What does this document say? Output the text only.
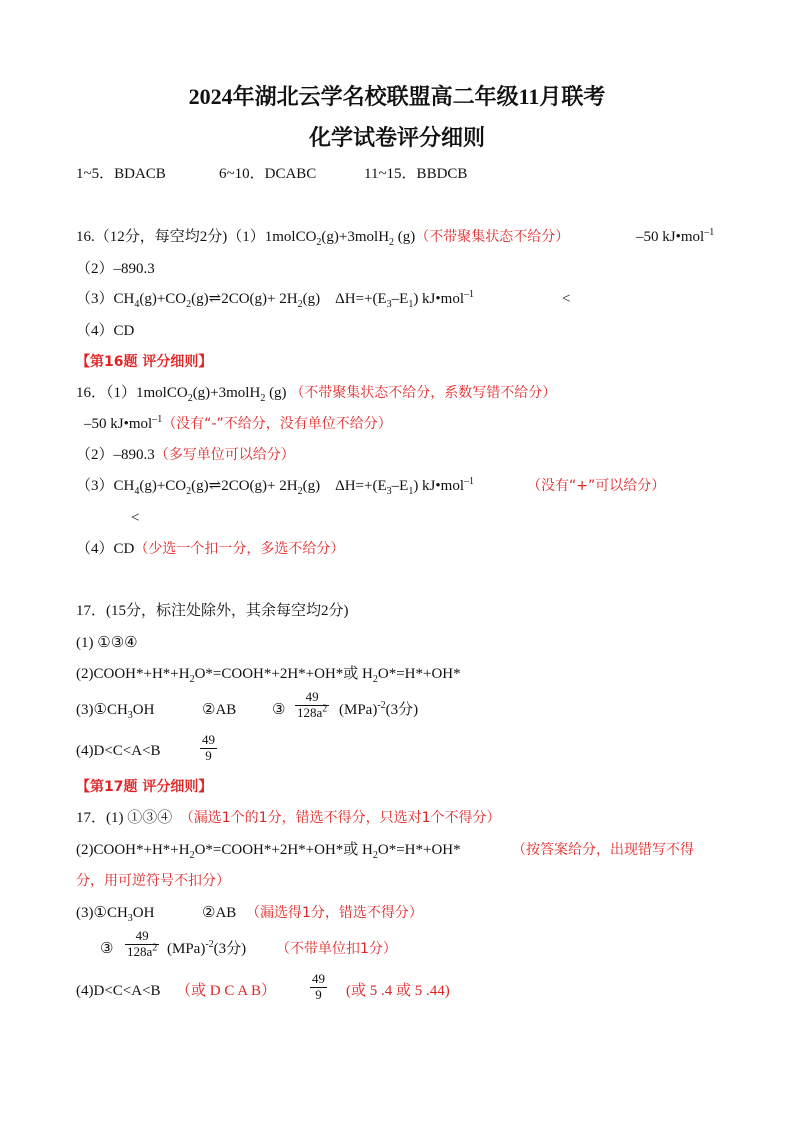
2024年湖北云学名校联盟高二年级11月联考
化学试卷评分细则
1~5．BDACB	6~10．DCABC	11~15．BBDCB
16.（12分，每空均2分)（1）1molCO$_2$(g)+3molH$_2$ (g)（不带聚集状态不给分）	–50 kJ•mol$^{-1}$
（2）–890.3
$(3)CH_4(g)+CO_2(g)\rightleftharpoons 2CO(g)+ 2H_2(g)$ $\Delta H=+(E_3-E_1)$ kJ•mol$^{-1}$	<
（4）CD
【第16题 评分细则】
16．（1）1molCO$_2$(g)+3molH$_2$ (g) （不带聚集状态不给分，系数写错不给分）
–50 kJ•mol$^{-1}$（没有“-”不给分，没有单位不给分）
（2）–890.3（多写单位可以给分）
$(3)CH_4(g)+CO_2(g)\rightleftharpoons 2CO(g)+ 2H_2(g)$ $\Delta H=+(E_3-E_1)$ kJ•mol$^{-1}$	（没有“+”可以给分）
<
（4）CD（少选一个扣一分，多选不给分）
17．(15分，标注处除外，其余每空均2分)
(1) ①③④
$(2)COOH*+H*+H_2O*=COOH*+2H*+OH*$或 $H_2O*=H*+OH*$
$(3)①CH_3OH$	②AB ③ $\frac{49}{128a^2} (MPa)^{-2}(3$分)
(4)D<C<A<B	$\frac{49}{9}$
【第17题 评分细则】
17．(1) ①③④ （漏选1个的1分，错选不得分，只选对1个不得分）
$(2)COOH*+H*+H_2O*=COOH*+2H*+OH*$或 $H_2O*=H*+OH*$	（按答案给分，出现错写不得
分，用可逆符号不扣分）
$(3)①CH_3OH$	②AB （漏选得1分，错选不得分）
③ $\frac{49}{128a^2} (MPa)^{-2}(3$分) （不带单位扣1分）
(4)D<C<A<B （或 D C A B）	$\frac{49}{9}$ (或 5 .4 或 5 .44)
